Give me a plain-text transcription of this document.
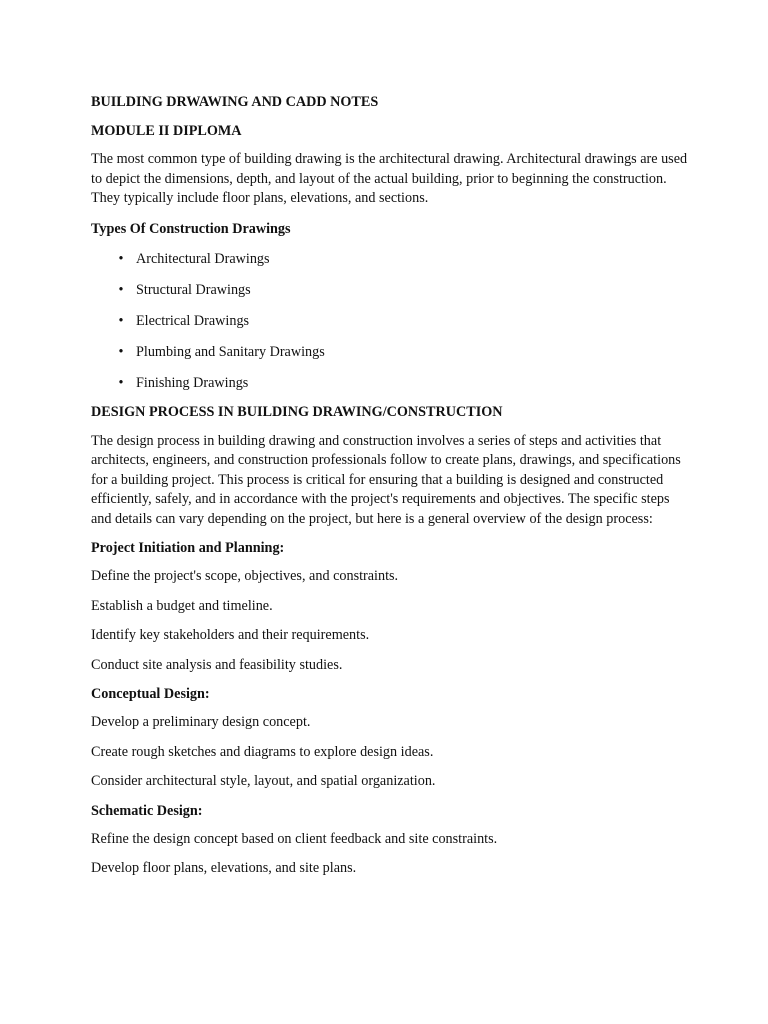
BUILDING DRWAWING AND CADD NOTES

MODULE II DIPLOMA

The most common type of building drawing is the architectural drawing. Architectural drawings are used to depict the dimensions, depth, and layout of the actual building, prior to beginning the construction. They typically include floor plans, elevations, and sections.

Types Of Construction Drawings

• Architectural Drawings
• Structural Drawings
• Electrical Drawings
• Plumbing and Sanitary Drawings
• Finishing Drawings

DESIGN PROCESS IN BUILDING DRAWING/CONSTRUCTION

The design process in building drawing and construction involves a series of steps and activities that architects, engineers, and construction professionals follow to create plans, drawings, and specifications for a building project. This process is critical for ensuring that a building is designed and constructed efficiently, safely, and in accordance with the project's requirements and objectives. The specific steps and details can vary depending on the project, but here is a general overview of the design process:

Project Initiation and Planning:

Define the project's scope, objectives, and constraints.

Establish a budget and timeline.

Identify key stakeholders and their requirements.

Conduct site analysis and feasibility studies.

Conceptual Design:

Develop a preliminary design concept.

Create rough sketches and diagrams to explore design ideas.

Consider architectural style, layout, and spatial organization.

Schematic Design:

Refine the design concept based on client feedback and site constraints.

Develop floor plans, elevations, and site plans.
